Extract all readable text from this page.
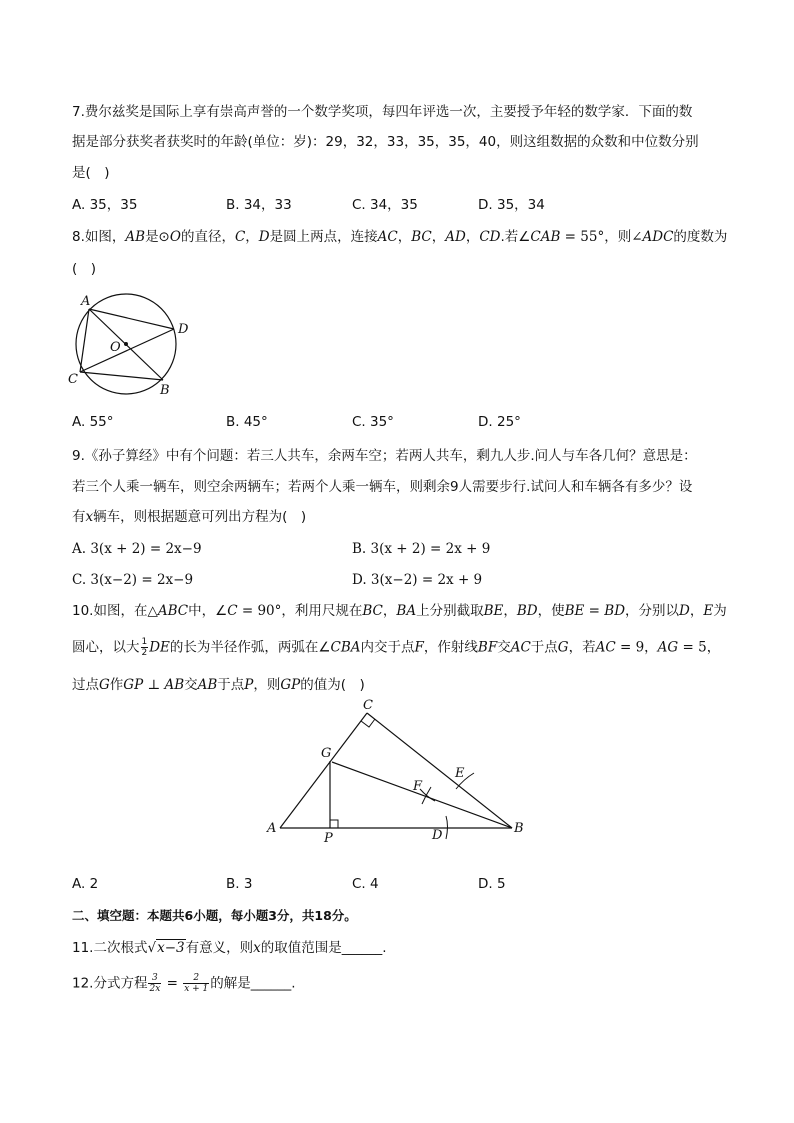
7.费尔兹奖是国际上享有崇高声誉的一个数学奖项，每四年评选一次，主要授予年轻的数学家．下面的数
据是部分获奖者获奖时的年龄(单位：岁)：29，32，33，35，35，40，则这组数据的众数和中位数分别
是(　)
A. 35，35	B. 34，33	C. 34，35	D. 35，34
8.如图，AB是⊙O的直径，C，D是圆上两点，连接AC，BC，AD，CD.若∠CAB = 55°，则∠ADC的度数为
(　)
A
D
O
C
B
A. 55°	B. 45°	C. 35°	D. 25°
9.《孙子算经》中有个问题：若三人共车，余两车空；若两人共车，剩九人步.问人与车各几何？意思是：
若三个人乘一辆车，则空余两辆车；若两个人乘一辆车，则剩余9人需要步行.试问人和车辆各有多少？设
有x辆车，则根据题意可列出方程为(　)
A. 3(x + 2) = 2x−9	B. 3(x + 2) = 2x + 9
C. 3(x−2) = 2x−9	D. 3(x−2) = 2x + 9
10.如图，在△ABC中，∠C = 90°，利用尺规在BC，BA上分别截取BE，BD，使BE = BD，分别以D，E为
圆心，以大 $\frac{1}{2}$ DE的长为半径作弧，两弧在∠CBA内交于点F，作射线BF交AC于点G，若AC = 9，AG = 5，
过点G作GP ⊥ AB交AB于点P，则GP的值为(　)
C
G
E
F
A
P	D	B
A. 2	B. 3	C. 4	D. 5
二、填空题：本题共6小题，每小题3分，共18分。
11.二次根式√x−3有意义，则x的取值范围是______.
12.分式方程 $\frac{3}{2x} = \frac{2}{x + 1}$ 的解是______.
